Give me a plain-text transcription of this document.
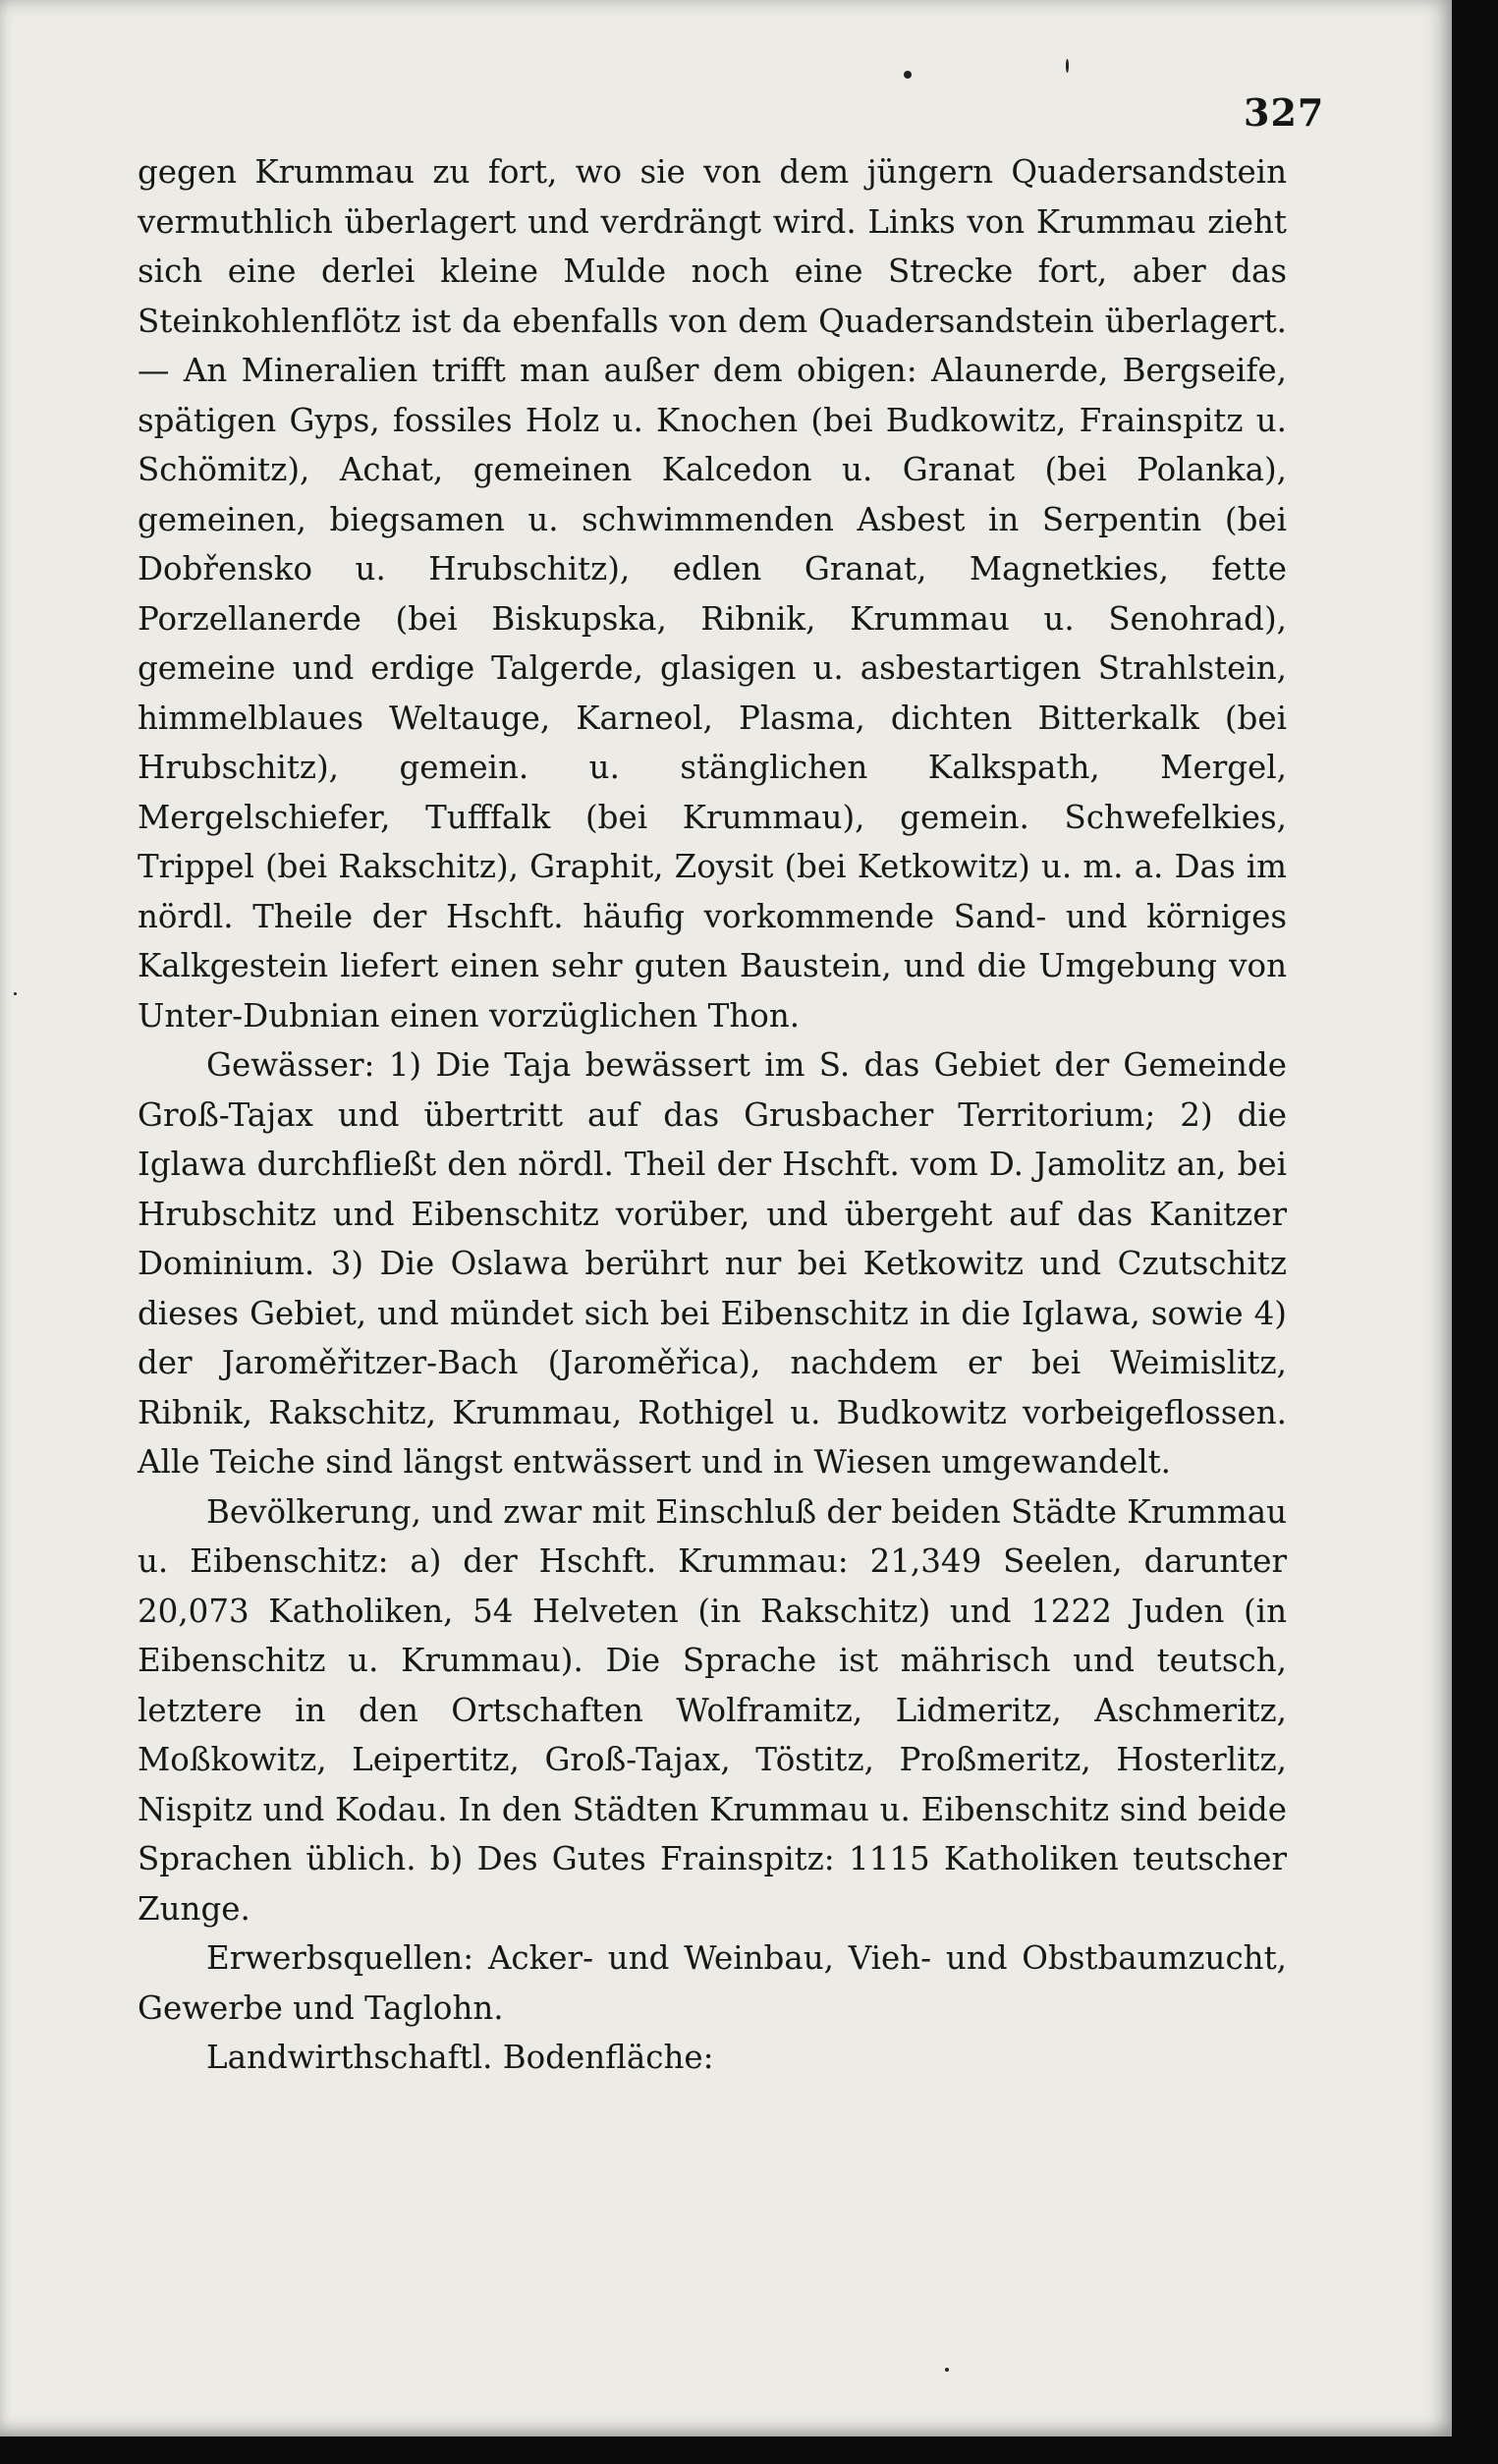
327

gegen Krummau zu fort, wo sie von dem jüngern Quadersandstein vermuthlich überlagert und verdrängt wird. Links von Krummau zieht sich eine derlei kleine Mulde noch eine Strecke fort, aber das Steinkohlenflötz ist da ebenfalls von dem Quadersandstein überlagert. — An Mineralien trifft man außer dem obigen: Alaunerde, Bergseife, spätigen Gyps, fossiles Holz u. Knochen (bei Budkowitz, Frainspitz u. Schömitz), Achat, gemeinen Kalcedon u. Granat (bei Polanka), gemeinen, biegsamen u. schwimmenden Asbest in Serpentin (bei Dobřensko u. Hrubschitz), edlen Granat, Magnetkies, fette Porzellanerde (bei Biskupska, Ribnik, Krummau u. Senohrad), gemeine und erdige Talgerde, glasigen u. asbestartigen Strahlstein, himmelblaues Weltauge, Karneol, Plasma, dichten Bitterkalk (bei Hrubschitz), gemein. u. stänglichen Kalkspath, Mergel, Mergelschiefer, Tufffalk (bei Krummau), gemein. Schwefelkies, Trippel (bei Rakschitz), Graphit, Zoysit (bei Ketkowitz) u. m. a. Das im nördl. Theile der Hschft. häufig vorkommende Sand- und körniges Kalkgestein liefert einen sehr guten Baustein, und die Umgebung von Unter-Dubnian einen vorzüglichen Thon.

Gewässer: 1) Die Taja bewässert im S. das Gebiet der Gemeinde Groß-Tajax und übertritt auf das Grusbacher Territorium; 2) die Iglawa durchfließt den nördl. Theil der Hschft. vom D. Jamolitz an, bei Hrubschitz und Eibenschitz vorüber, und übergeht auf das Kanitzer Dominium. 3) Die Oslawa berührt nur bei Ketkowitz und Czutschitz dieses Gebiet, und mündet sich bei Eibenschitz in die Iglawa, sowie 4) der Jaroměřitzer-Bach (Jaroměřica), nachdem er bei Weimislitz, Ribnik, Rakschitz, Krummau, Rothigel u. Budkowitz vorbeigeflossen. Alle Teiche sind längst entwässert und in Wiesen umgewandelt.

Bevölkerung, und zwar mit Einschluß der beiden Städte Krummau u. Eibenschitz: a) der Hschft. Krummau: 21,349 Seelen, darunter 20,073 Katholiken, 54 Helveten (in Rakschitz) und 1222 Juden (in Eibenschitz u. Krummau). Die Sprache ist mährisch und teutsch, letztere in den Ortschaften Wolframitz, Lidmeritz, Aschmeritz, Moßkowitz, Leipertitz, Groß-Tajax, Töstitz, Proßmeritz, Hosterlitz, Nispitz und Kodau. In den Städten Krummau u. Eibenschitz sind beide Sprachen üblich. b) Des Gutes Frainspitz: 1115 Katholiken teutscher Zunge.

Erwerbsquellen: Acker- und Weinbau, Vieh- und Obstbaumzucht, Gewerbe und Taglohn.

Landwirthschaftl. Bodenfläche:
